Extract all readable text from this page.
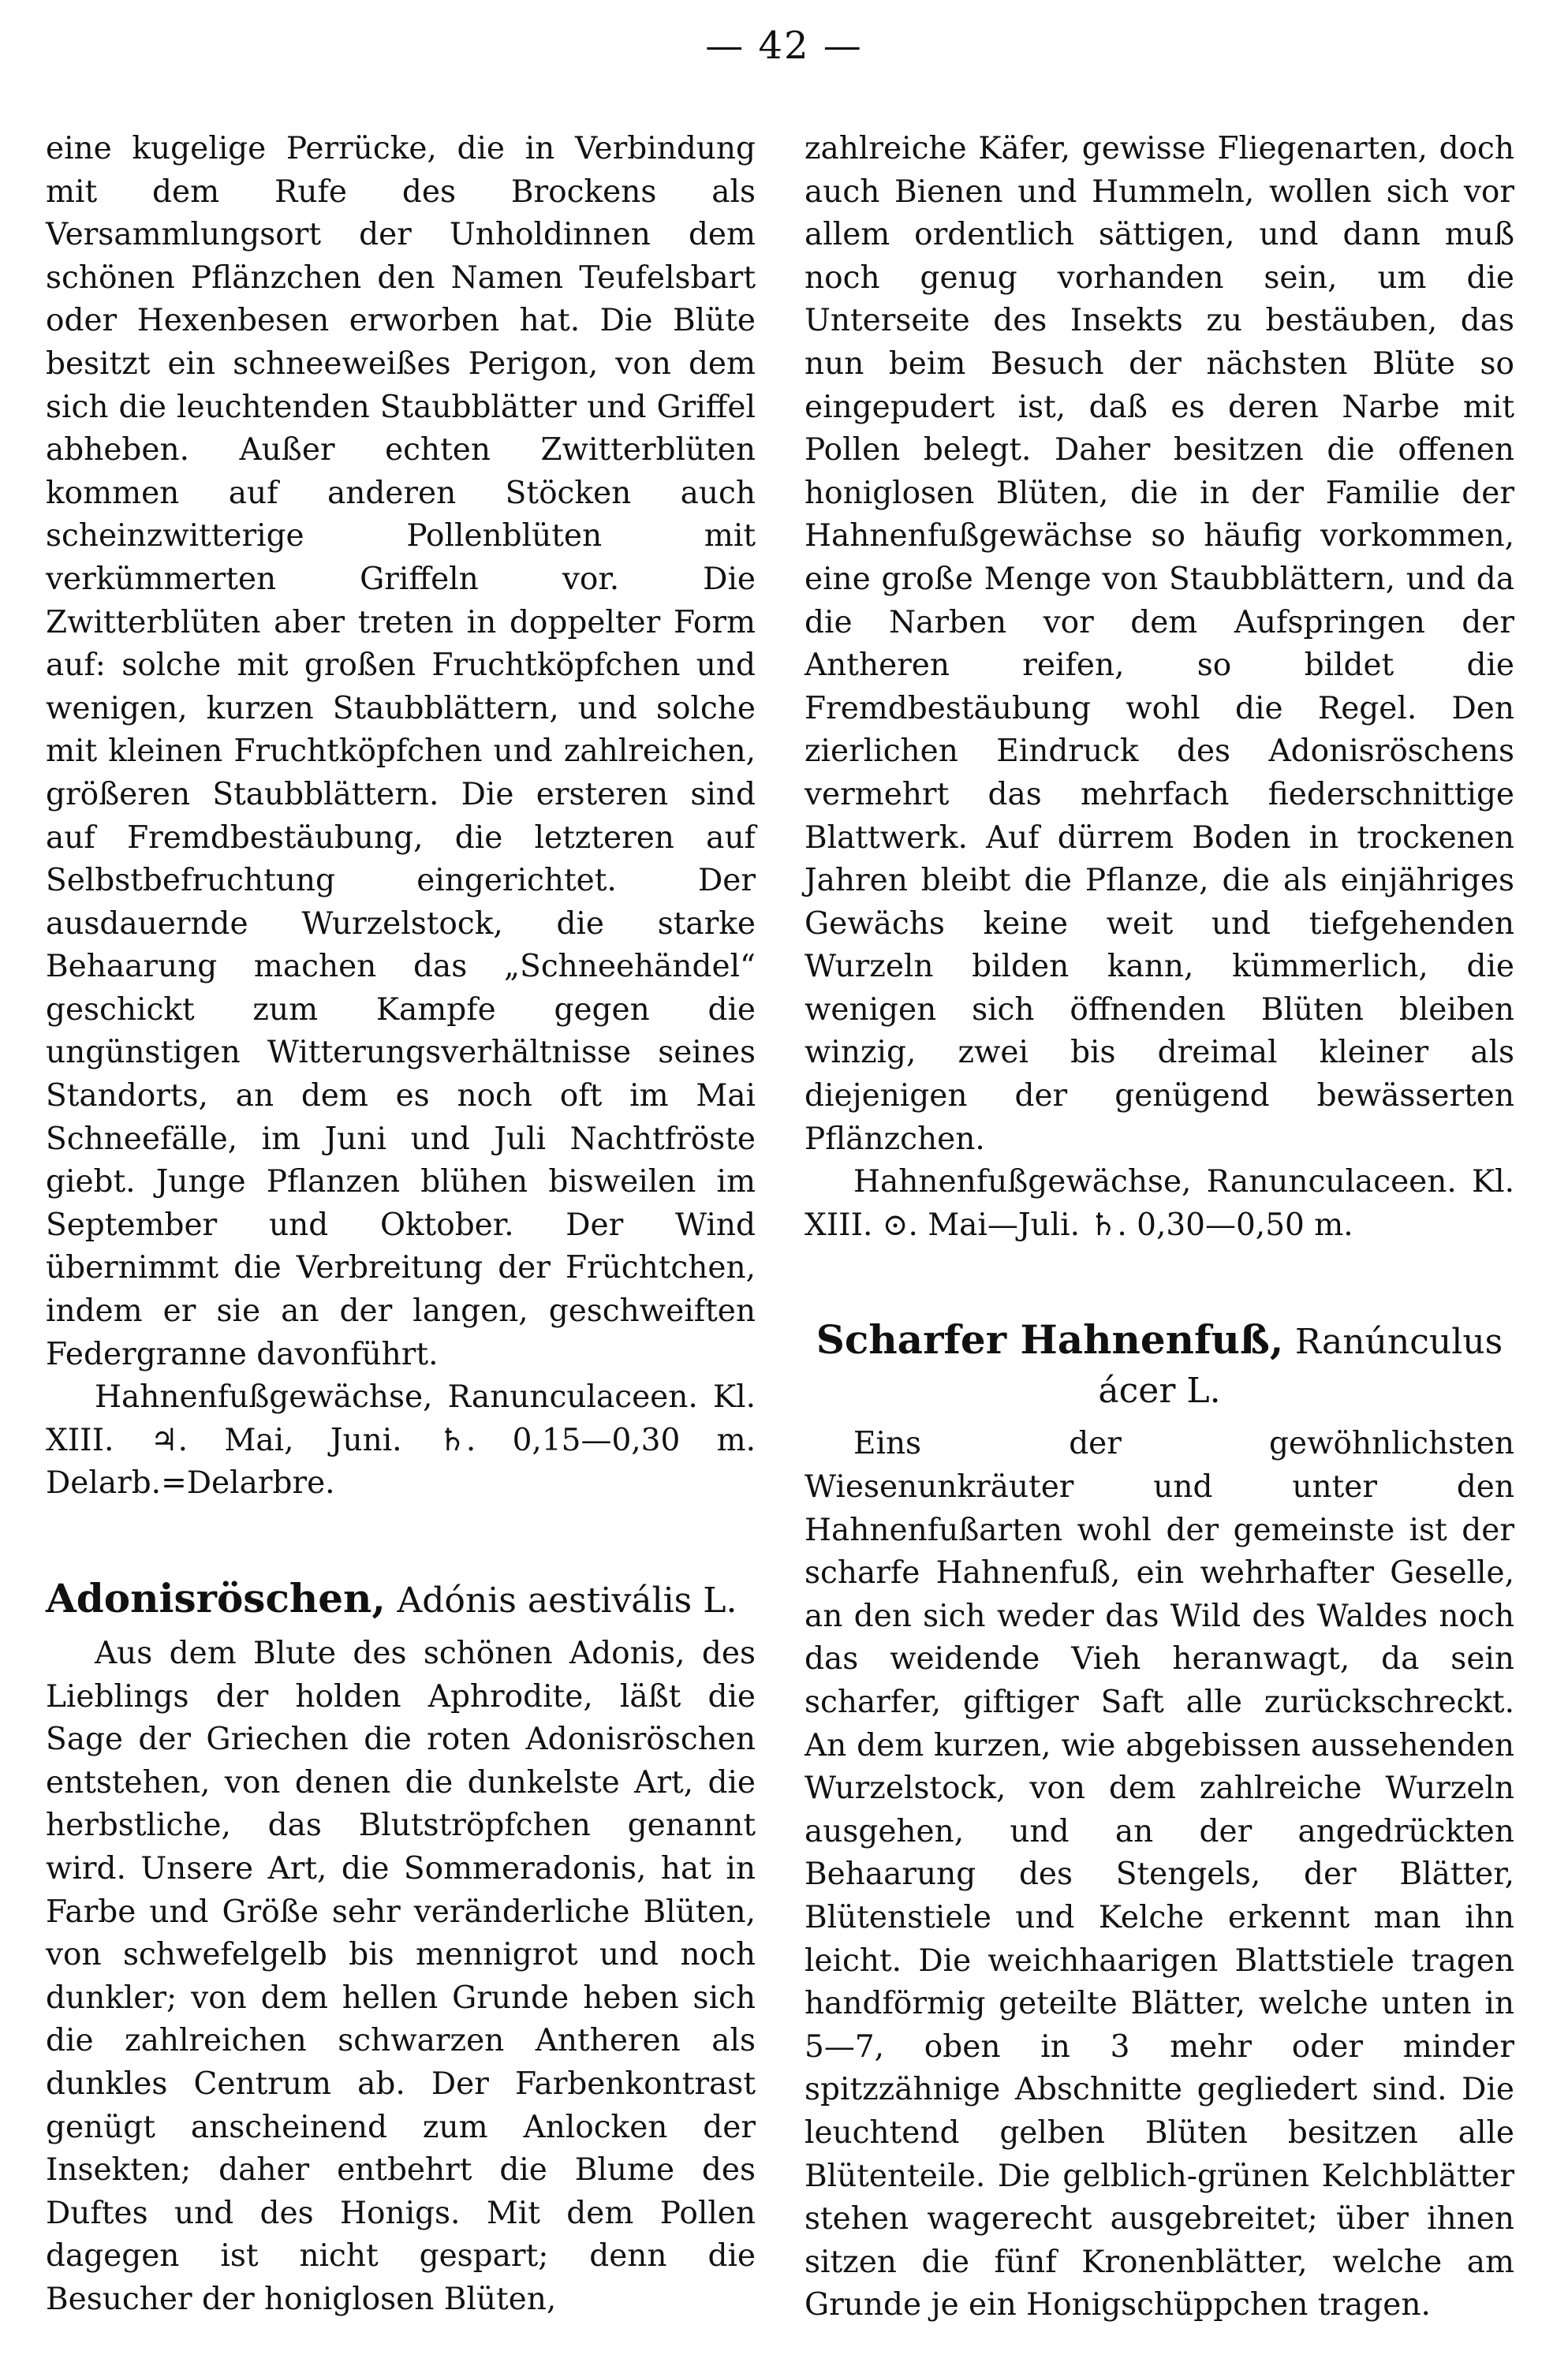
— 42 —

eine kugelige Perrücke, die in Verbindung mit dem Rufe des Brockens als Versammlungsort der Unholdinnen dem schönen Pflänzchen den Namen Teufelsbart oder Hexenbesen erworben hat. Die Blüte besitzt ein schneeweißes Perigon, von dem sich die leuchtenden Staubblätter und Griffel abheben. Außer echten Zwitterblüten kommen auf anderen Stöcken auch scheinzwitterige Pollenblüten mit verkümmerten Griffeln vor. Die Zwitterblüten aber treten in doppelter Form auf: solche mit großen Fruchtköpfchen und wenigen, kurzen Staubblättern, und solche mit kleinen Fruchtköpfchen und zahlreichen, größeren Staubblättern. Die ersteren sind auf Fremdbestäubung, die letzteren auf Selbstbefruchtung eingerichtet. Der ausdauernde Wurzelstock, die starke Behaarung machen das „Schneehändel“ geschickt zum Kampfe gegen die ungünstigen Witterungsverhältnisse seines Standorts, an dem es noch oft im Mai Schneefälle, im Juni und Juli Nachtfröste giebt. Junge Pflanzen blühen bisweilen im September und Oktober. Der Wind übernimmt die Verbreitung der Früchtchen, indem er sie an der langen, geschweiften Federgranne davonführt.

Hahnenfußgewächse, Ranunculaceen. Kl. XIII. ♃. Mai, Juni. ♄. 0,15—0,30 m. Delarb.=Delarbre.

Adonisröschen, Adónis aestivális L.

Aus dem Blute des schönen Adonis, des Lieblings der holden Aphrodite, läßt die Sage der Griechen die roten Adonisröschen entstehen, von denen die dunkelste Art, die herbstliche, das Blutströpfchen genannt wird. Unsere Art, die Sommeradonis, hat in Farbe und Größe sehr veränderliche Blüten, von schwefelgelb bis mennigrot und noch dunkler; von dem hellen Grunde heben sich die zahlreichen schwarzen Antheren als dunkles Centrum ab. Der Farbenkontrast genügt anscheinend zum Anlocken der Insekten; daher entbehrt die Blume des Duftes und des Honigs. Mit dem Pollen dagegen ist nicht gespart; denn die Besucher der honiglosen Blüten,

zahlreiche Käfer, gewisse Fliegenarten, doch auch Bienen und Hummeln, wollen sich vor allem ordentlich sättigen, und dann muß noch genug vorhanden sein, um die Unterseite des Insekts zu bestäuben, das nun beim Besuch der nächsten Blüte so eingepudert ist, daß es deren Narbe mit Pollen belegt. Daher besitzen die offenen honiglosen Blüten, die in der Familie der Hahnenfußgewächse so häufig vorkommen, eine große Menge von Staubblättern, und da die Narben vor dem Aufspringen der Antheren reifen, so bildet die Fremdbestäubung wohl die Regel. Den zierlichen Eindruck des Adonisröschens vermehrt das mehrfach fiederschnittige Blattwerk. Auf dürrem Boden in trockenen Jahren bleibt die Pflanze, die als einjähriges Gewächs keine weit und tiefgehenden Wurzeln bilden kann, kümmerlich, die wenigen sich öffnenden Blüten bleiben winzig, zwei bis dreimal kleiner als diejenigen der genügend bewässerten Pflänzchen.

Hahnenfußgewächse, Ranunculaceen. Kl. XIII. ⊙. Mai—Juli. ♄. 0,30—0,50 m.

Scharfer Hahnenfuß, Ranúnculus

ácer L.

Eins der gewöhnlichsten Wiesenunkräuter und unter den Hahnenfußarten wohl der gemeinste ist der scharfe Hahnenfuß, ein wehrhafter Geselle, an den sich weder das Wild des Waldes noch das weidende Vieh heranwagt, da sein scharfer, giftiger Saft alle zurückschreckt. An dem kurzen, wie abgebissen aussehenden Wurzelstock, von dem zahlreiche Wurzeln ausgehen, und an der angedrückten Behaarung des Stengels, der Blätter, Blütenstiele und Kelche erkennt man ihn leicht. Die weichhaarigen Blattstiele tragen handförmig geteilte Blätter, welche unten in 5—7, oben in 3 mehr oder minder spitzzähnige Abschnitte gegliedert sind. Die leuchtend gelben Blüten besitzen alle Blütenteile. Die gelblich-grünen Kelchblätter stehen wagerecht ausgebreitet; über ihnen sitzen die fünf Kronenblätter, welche am Grunde je ein Honigschüppchen tragen.
